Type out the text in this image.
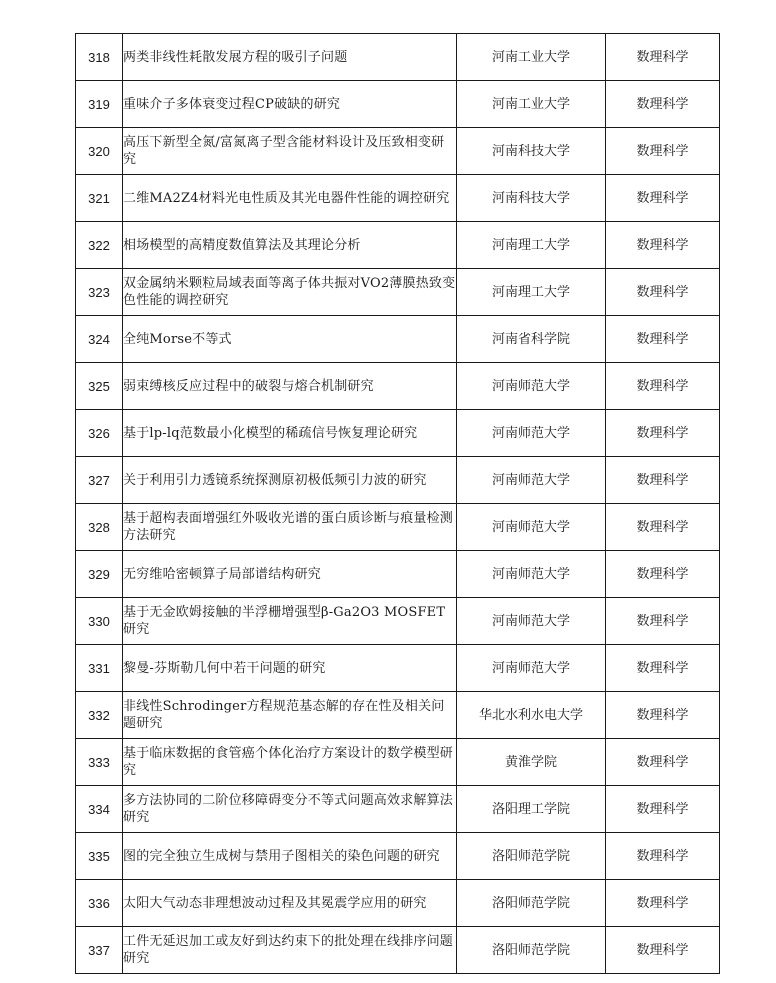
318	两类非线性耗散发展方程的吸引子问题	河南工业大学	数理科学
319	重味介子多体衰变过程CP破缺的研究	河南工业大学	数理科学
320	高压下新型全氮/富氮离子型含能材料设计及压致相变研究	河南科技大学	数理科学
321	二维MA2Z4材料光电性质及其光电器件性能的调控研究	河南科技大学	数理科学
322	相场模型的高精度数值算法及其理论分析	河南理工大学	数理科学
323	双金属纳米颗粒局域表面等离子体共振对VO2薄膜热致变色性能的调控研究	河南理工大学	数理科学
324	全纯Morse不等式	河南省科学院	数理科学
325	弱束缚核反应过程中的破裂与熔合机制研究	河南师范大学	数理科学
326	基于lp-lq范数最小化模型的稀疏信号恢复理论研究	河南师范大学	数理科学
327	关于利用引力透镜系统探测原初极低频引力波的研究	河南师范大学	数理科学
328	基于超构表面增强红外吸收光谱的蛋白质诊断与痕量检测方法研究	河南师范大学	数理科学
329	无穷维哈密顿算子局部谱结构研究	河南师范大学	数理科学
330	基于无金欧姆接触的半浮栅增强型β-Ga2O3 MOSFET研究	河南师范大学	数理科学
331	黎曼-芬斯勒几何中若干问题的研究	河南师范大学	数理科学
332	非线性Schrodinger方程规范基态解的存在性及相关问题研究	华北水利水电大学	数理科学
333	基于临床数据的食管癌个体化治疗方案设计的数学模型研究	黄淮学院	数理科学
334	多方法协同的二阶位移障碍变分不等式问题高效求解算法研究	洛阳理工学院	数理科学
335	图的完全独立生成树与禁用子图相关的染色问题的研究	洛阳师范学院	数理科学
336	太阳大气动态非理想波动过程及其冕震学应用的研究	洛阳师范学院	数理科学
337	工件无延迟加工或友好到达约束下的批处理在线排序问题研究	洛阳师范学院	数理科学
